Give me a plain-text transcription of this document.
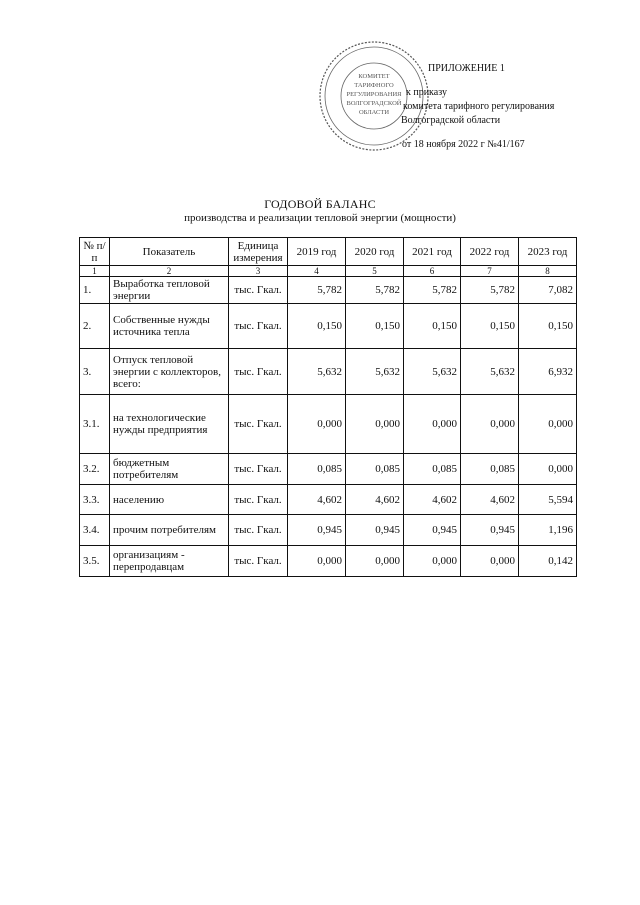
КОМИТЕТ
ТАРИФНОГО
РЕГУЛИРОВАНИЯ
ВОЛГОГРАДСКОЙ
ОБЛАСТИ
ПРИЛОЖЕНИЕ 1
к приказу
комитета тарифного регулирования
Волгоградской области
от 18 ноября 2022 г №41/167
ГОДОВОЙ БАЛАНС
производства и реализации тепловой энергии (мощности)
№ п/п	Показатель	Единица измерения	2019 год	2020 год	2021 год	2022 год	2023 год
1	2	3	4	5	6	7	8
1.	Выработка тепловой энергии	тыс. Гкал.	5,782	5,782	5,782	5,782	7,082
2.	Собственные нужды источника тепла	тыс. Гкал.	0,150	0,150	0,150	0,150	0,150
3.	Отпуск тепловой энергии с коллекторов, всего:	тыс. Гкал.	5,632	5,632	5,632	5,632	6,932
3.1.	на технологические нужды предприятия	тыс. Гкал.	0,000	0,000	0,000	0,000	0,000
3.2.	бюджетным потребителям	тыс. Гкал.	0,085	0,085	0,085	0,085	0,000
3.3.	населению	тыс. Гкал.	4,602	4,602	4,602	4,602	5,594
3.4.	прочим потребителям	тыс. Гкал.	0,945	0,945	0,945	0,945	1,196
3.5.	организациям - перепродавцам	тыс. Гкал.	0,000	0,000	0,000	0,000	0,142
